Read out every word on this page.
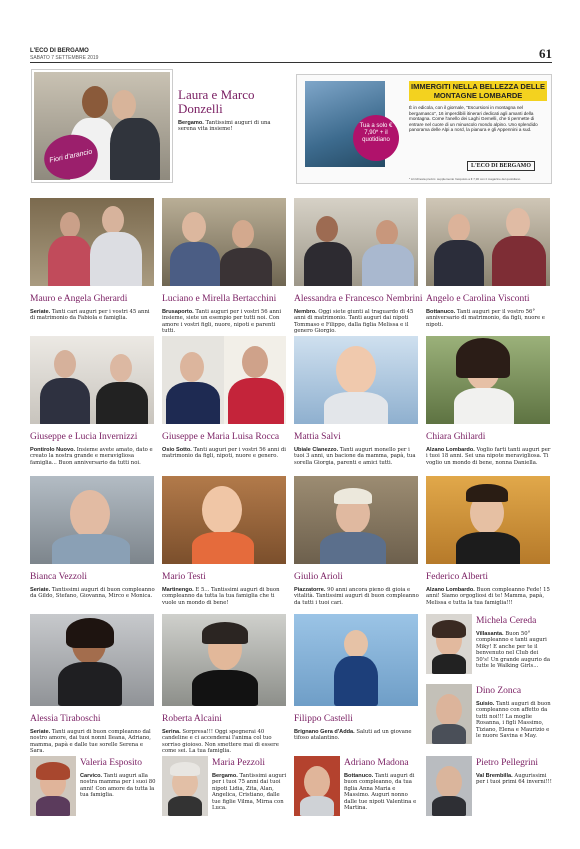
L'ECO DI BERGAMO
SABATO 7 SETTEMBRE 2019	61
Fiori d'arancio
Laura e Marco Donzelli
Bergamo. Tantissimi auguri di una serena vita insieme!
Tua a solo € 7,90* + il quotidiano
IMMERGITI NELLA BELLEZZA DELLE MONTAGNE LOMBARDE
È in edicola, con il giornale, "Escursioni in montagna nel bergamasco", 16 imperdibili itinerari dedicati agli amanti della montagna. Come l'anello dei Laghi Gemelli, che ti permette di entrare nel cuore di un minuscolo mondo alpino. Uno splendido panorama delle Alpi a nord, la pianura e gli Appennini a sud.
L'ECO DI BERGAMO
* Al richiesta prezzo: supplemento l'acquisto a € 7,90 con il magazine del quotidiano
Mauro e Angela Gherardi
Seriate. Tanti cari auguri per i vostri 45 anni di matrimonio da Fabiola e famiglia.
Luciano e Mirella Bertacchini
Brusaporto. Tanti auguri per i vostri 56 anni insieme, siete un esempio per tutti noi. Con amore i vostri figli, nuore, nipoti e parenti tutti.
Alessandra e Francesco Nembrini
Nembro. Oggi siete giunti al traguardo di 45 anni di matrimonio. Tanti auguri dai nipoti Tommaso e Filippo, dalla figlia Melissa e il genero Giorgio.
Angelo e Carolina Visconti
Bottanuco. Tanti auguri per il vostro 56° anniversario di matrimonio, da figli, nuore e nipoti.
Giuseppe e Lucia Invernizzi
Pontirolo Nuovo. Insieme avete amato, dato e creato la nostra grande e meravigliosa famiglia... Buon anniversario da tutti noi.
Giuseppe e Maria Luisa Rocca
Osio Sotto. Tanti auguri per i vostri 56 anni di matrimonio da figli, nipoti, nuore e genero.
Mattia Salvi
Ubiale Clanezzo. Tanti auguri monello per i tuoi 3 anni, un bacione da mamma, papà, tua sorella Giorgia, parenti e amici tutti.
Chiara Ghilardi
Alzano Lombardo. Voglio farti tanti auguri per i tuoi 18 anni. Sei una nipote meravigliosa. Ti voglio un mondo di bene, nonna Daniella.
Bianca Vezzoli
Seriate. Tantissimi auguri di buon compleanno da Gildo, Stefano, Giovanna, Mirco e Monica.
Mario Testi
Martinengo. E 5... Tantissimi auguri di buon compleanno da tutta la tua famiglia che ti vuole un mondo di bene!
Giulio Arioli
Piazzatorre. 90 anni ancora pieno di gioia e vitalità. Tantissimi auguri di buon compleanno da tutti i tuoi cari.
Federico Alberti
Alzano Lombardo. Buon compleanno Fede! 15 anni! Siamo orgogliosi di te! Mamma, papà, Melissa e tutta la tua famiglia!!!
Alessia Tiraboschi
Seriate. Tanti auguri di buon compleanno dal nostro amore, dai tuoi nonni Ileana, Adriano, mamma, papà e dalle tue sorelle Serena e Sara.
Roberta Alcaini
Serina. Sorpresa!!! Oggi spegnerai 40 candeline e ci accenderai l'anima col tuo sorriso gioioso. Non smettere mai di essere come sei. La tua famiglia.
Filippo Castelli
Brignano Gera d'Adda. Saluti ad un giovane tifoso atalantino.
Michela Cereda
Villasanta. Buon 50° compleanno e tanti auguri Miky! E anche per te il benvenuto nel Club dei 50's! Un grande augurio da tutte le Walking Girls...
Dino Zonca
Suisio. Tanti auguri di buon compleanno con affetto da tutti noi!!! La moglie Rosanna, i figli Massimo, Tiziano, Elena e Maurizio e le nuore Savina e May.
Valeria Esposito
Carvico. Tanti auguri alla nostra mamma per i suoi 80 anni! Con amore da tutta la tua famiglia.
Maria Pezzoli
Bergamo. Tantissimi auguri per i tuoi 75 anni dai tuoi nipoti Lidia, Zita, Alan, Angelica, Cristiano, dalle tue figlie Vilma, Mirna con Luca.
Adriano Madona
Bottanuco. Tanti auguri di buon compleanno, da tua figlia Anna Maria e Massimo. Auguri nonno dalle tue nipoti Valentina e Martina.
Pietro Pellegrini
Val Brembilla. Augurissimi per i tuoi primi 64 inverni!!!
